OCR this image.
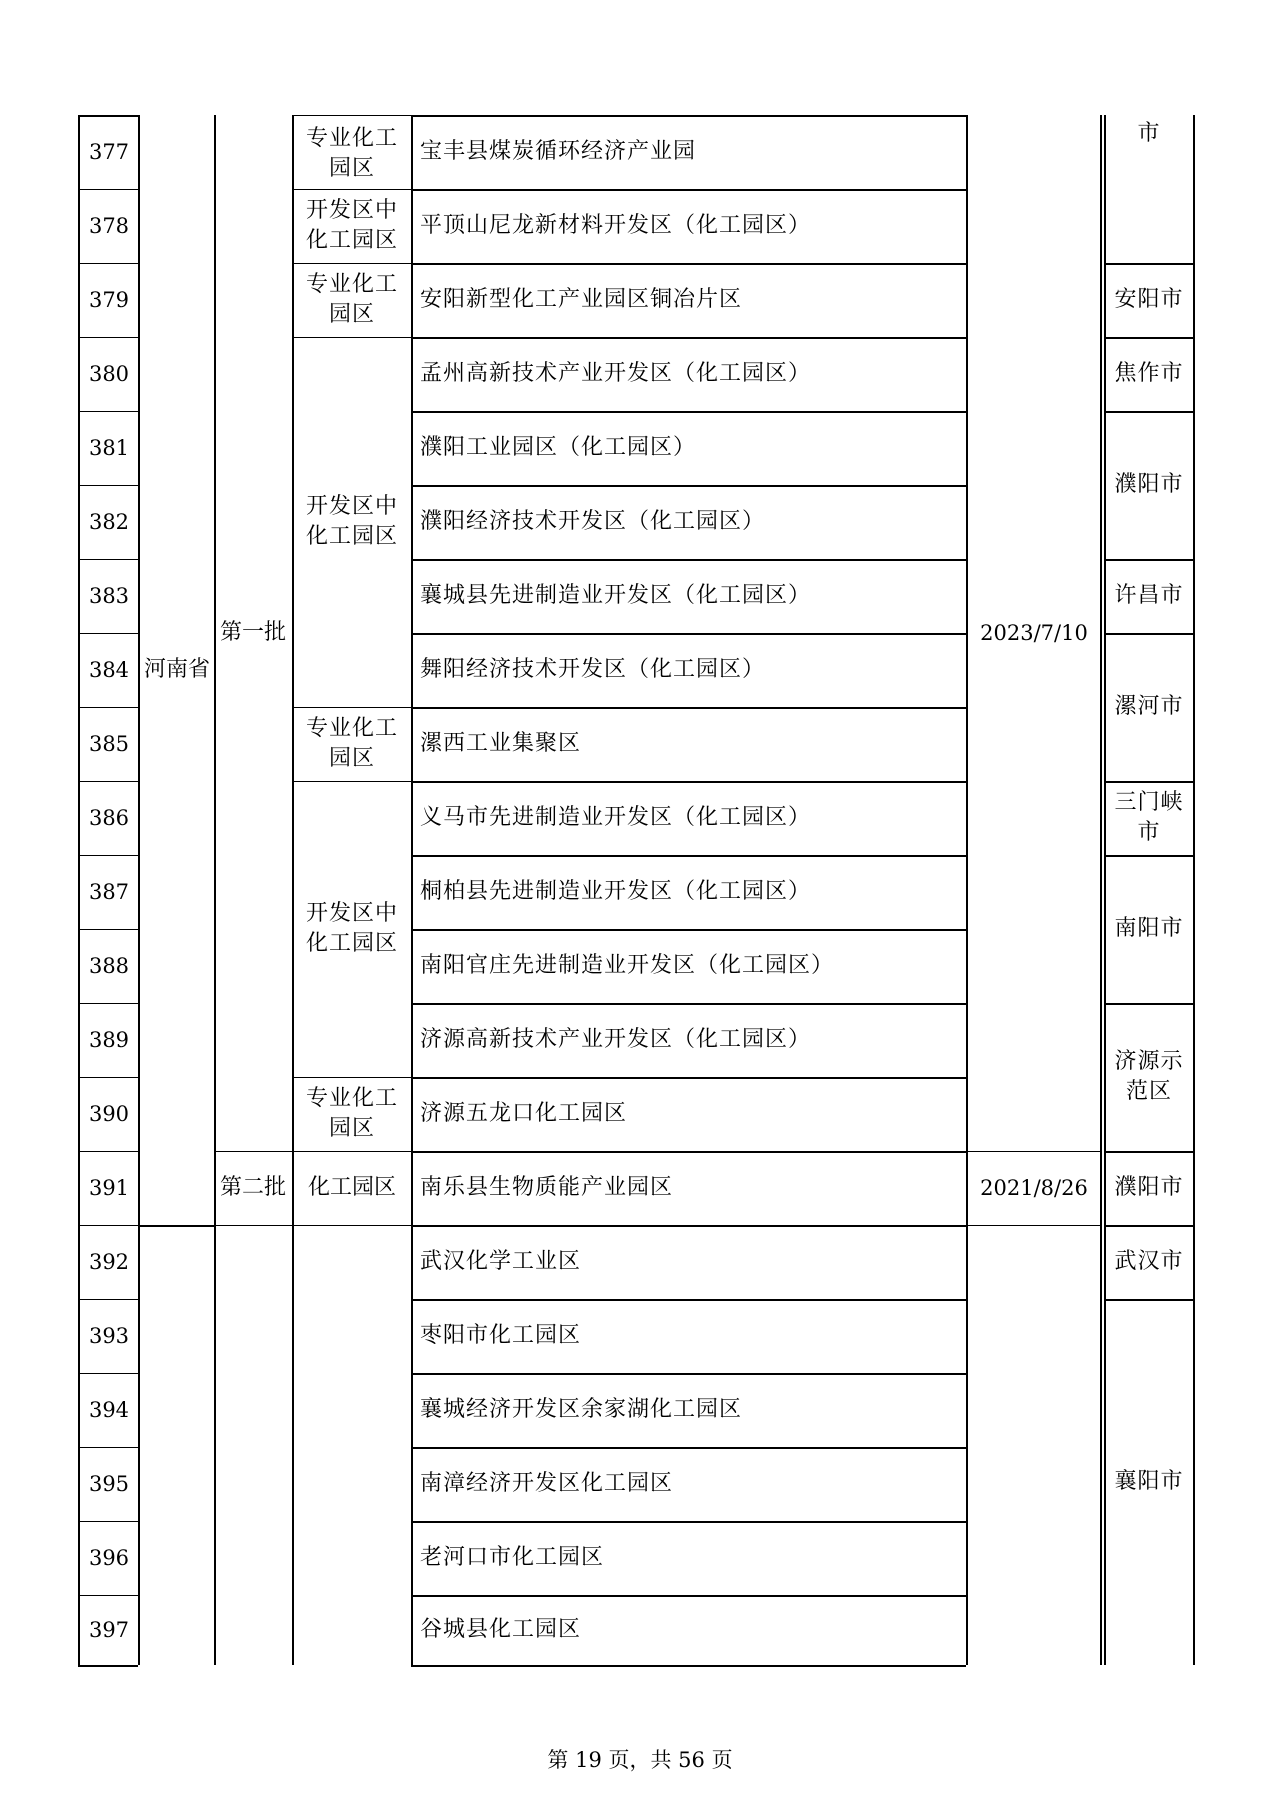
377
378
379
380
381
382
383
384
385
386
387
388
389
390
391
392
393
394
395
396
397
河南省
第一批
第二批
专业化工园区
开发区中化工园区
专业化工园区
开发区中化工园区
专业化工园区
开发区中化工园区
专业化工园区
化工园区
宝丰县煤炭循环经济产业园
平顶山尼龙新材料开发区（化工园区）
安阳新型化工产业园区铜冶片区
孟州高新技术产业开发区（化工园区）
濮阳工业园区（化工园区）
濮阳经济技术开发区（化工园区）
襄城县先进制造业开发区（化工园区）
舞阳经济技术开发区（化工园区）
漯西工业集聚区
义马市先进制造业开发区（化工园区）
桐柏县先进制造业开发区（化工园区）
南阳官庄先进制造业开发区（化工园区）
济源高新技术产业开发区（化工园区）
济源五龙口化工园区
南乐县生物质能产业园区
武汉化学工业区
枣阳市化工园区
襄城经济开发区余家湖化工园区
南漳经济开发区化工园区
老河口市化工园区
谷城县化工园区
2023/7/10
2021/8/26
市
安阳市
焦作市
濮阳市
许昌市
漯河市
三门峡市
南阳市
济源示范区
濮阳市
武汉市
襄阳市
第 19 页，共 56 页
